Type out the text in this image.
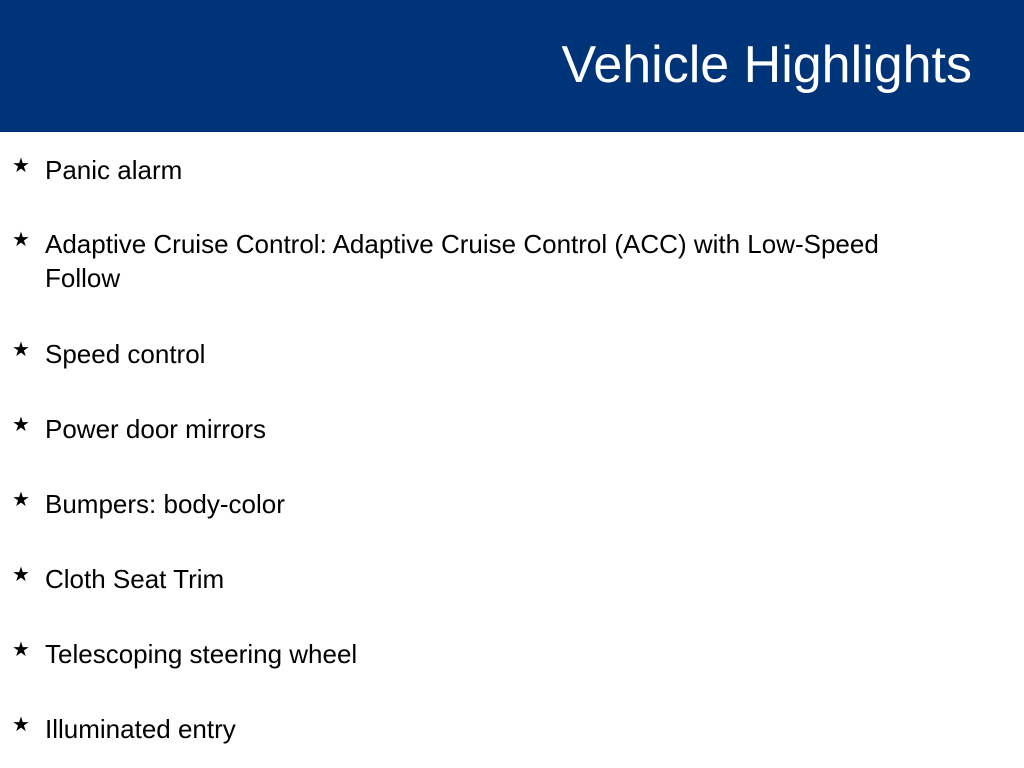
Vehicle Highlights
★ Panic alarm
★ Adaptive Cruise Control: Adaptive Cruise Control (ACC) with Low-Speed Follow
★ Speed control
★ Power door mirrors
★ Bumpers: body-color
★ Cloth Seat Trim
★ Telescoping steering wheel
★ Illuminated entry
